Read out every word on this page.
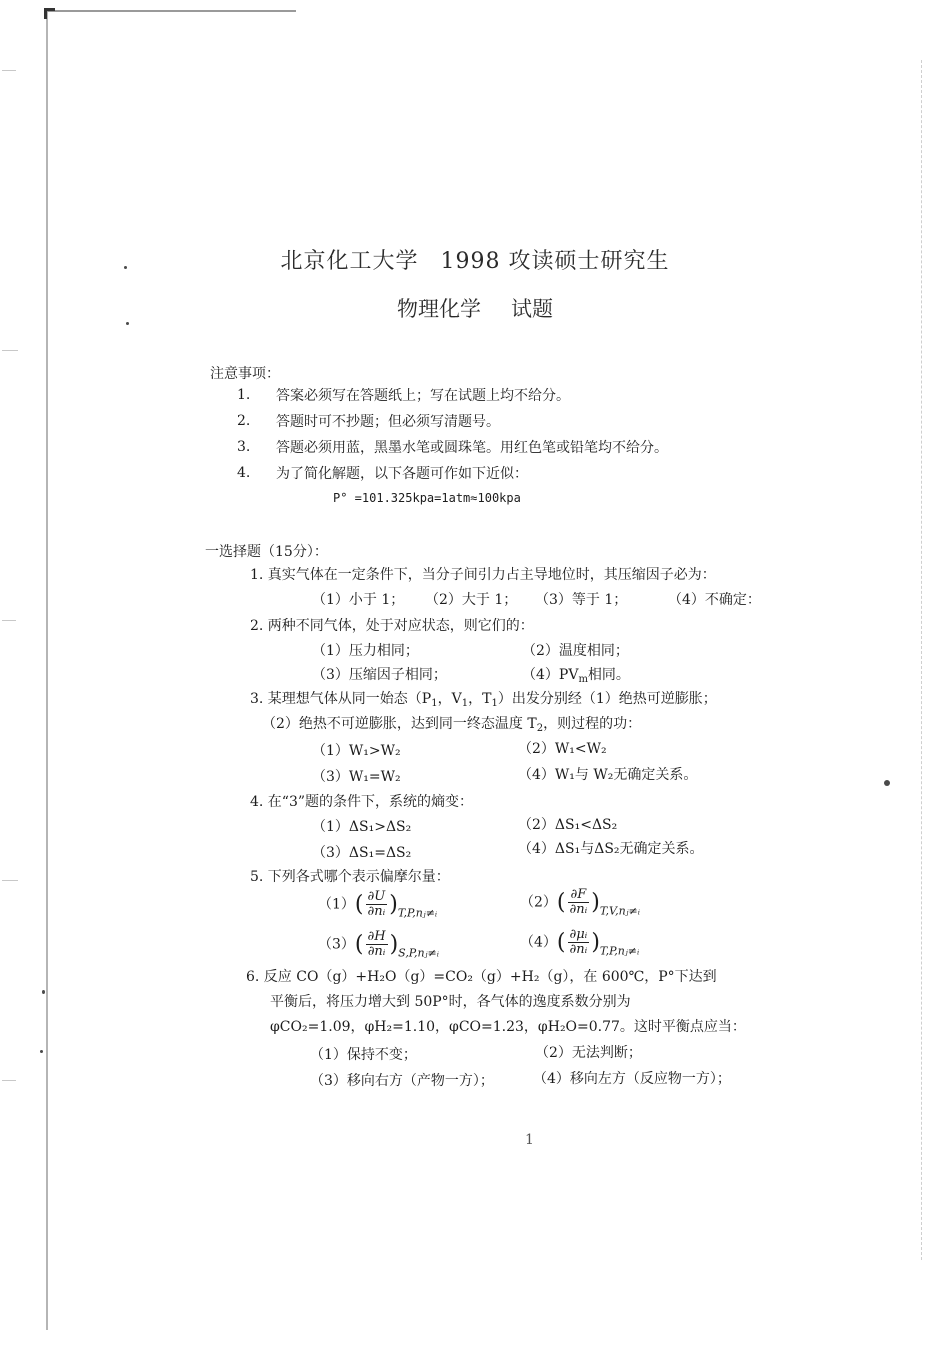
北京化工大学 1998 攻读硕士研究生
物理化学 试题
注意事项：
1. 答案必须写在答题纸上；写在试题上均不给分。
2. 答题时可不抄题；但必须写清题号。
3. 答题必须用蓝，黑墨水笔或圆珠笔。用红色笔或铅笔均不给分。
4. 为了简化解题，以下各题可作如下近似：
P° =101.325kpa=1atm≈100kpa
一选择题（15分）：
1. 真实气体在一定条件下，当分子间引力占主导地位时，其压缩因子必为：
（1）小于 1； （2）大于 1； （3）等于 1；	（4）不确定：
2. 两种不同气体，处于对应状态，则它们的：
（1）压力相同；	（2）温度相同；
（3）压缩因子相同；	$(4)PV_m$相同。
3. 某理想气体从同一始态（$P_1$，$V_1$，$T_1$）出发分别经（1）绝热可逆膨胀；
（2）绝热不可逆膨胀，达到同一终态温度 $T_2$，则过程的功：
（1）W₁>W₂	（2）W₁<W₂
（3）W₁=W₂	（4）W₁与 W₂无确定关系。
4. 在“3”题的条件下，系统的熵变：
（1）ΔS₁>ΔS₂	（2）ΔS₁<ΔS₂
（3）ΔS₁=ΔS₂	（4）ΔS₁与ΔS₂无确定关系。
5. 下列各式哪个表示偏摩尔量：
$(1)( \frac{\partial U}{\text{∂nᵢ}} )_{T,P,nⱼ\ne ᵢ}$
$(2)( \frac{\partial F}{\text{∂nᵢ}} )_{T,V,nⱼ\ne ᵢ}$
$(3)( \frac{\partial H}{\text{∂nᵢ}} )_{S,P,nⱼ\ne ᵢ}$
$(4)( \frac{\text{∂μᵢ}}{\text{∂nᵢ}} )_{T,P,nⱼ\ne ᵢ}$
6. 反应 CO（g）+H₂O（g）=CO₂（g）+H₂（g），在 600℃，P°下达到
平衡后，将压力增大到 50P°时，各气体的逸度系数分别为
φCO₂=1.09，φH₂=1.10，φCO=1.23，φH₂O=0.77。这时平衡点应当：
（1）保持不变；	（2）无法判断；
（3）移向右方（产物一方）；	（4）移向左方（反应物一方）；
1
